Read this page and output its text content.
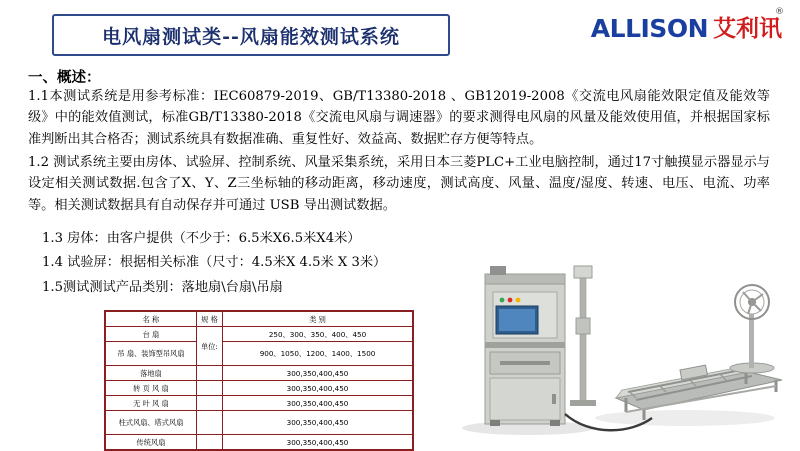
电风扇测试类--风扇能效测试系统	ALLISON 艾利讯
®
一、概述：
1.1本测试系统是用参考标准：IEC60879-2019、GB/T13380-2018 、GB12019-2008《交流电风扇能效限定值及能效等级》中的能效值测试，标准GB/T13380-2018《交流电风扇与调速器》的要求测得电风扇的风量及能效使用值，并根据国家标准判断出其合格否；测试系统具有数据准确、重复性好、效益高、数据贮存方便等特点。
1.2 测试系统主要由房体、试验屏、控制系统、风量采集系统，采用日本三菱PLC+工业电脑控制，通过17寸触摸显示器显示与设定相关测试数据.包含了X、Y、Z三坐标轴的移动距离，移动速度，测试高度、风量、温度/湿度、转速、电压、电流、功率等。相关测试数据具有自动保存并可通过 USB 导出测试数据。
1.3 房体：由客户提供（不少于：6.5米X6.5米X4米）
1.4 试验屏：根据相关标准（尺寸：4.5米X 4.5米 X 3米）
1.5测试测试产品类别：落地扇\台扇\吊扇
名 称	规 格	类 别
台 扇	单位:	250、300、350、400、450
吊 扇、装饰型吊风扇		900、1050、1200、1400、1500
落地扇		300,350,400,450
转 页 风 扇		300,350,400,450
无 叶 风 扇		300,350,400,450
柱式风扇、塔式风扇		300,350,400,450
传统风扇		300,350,400,450
